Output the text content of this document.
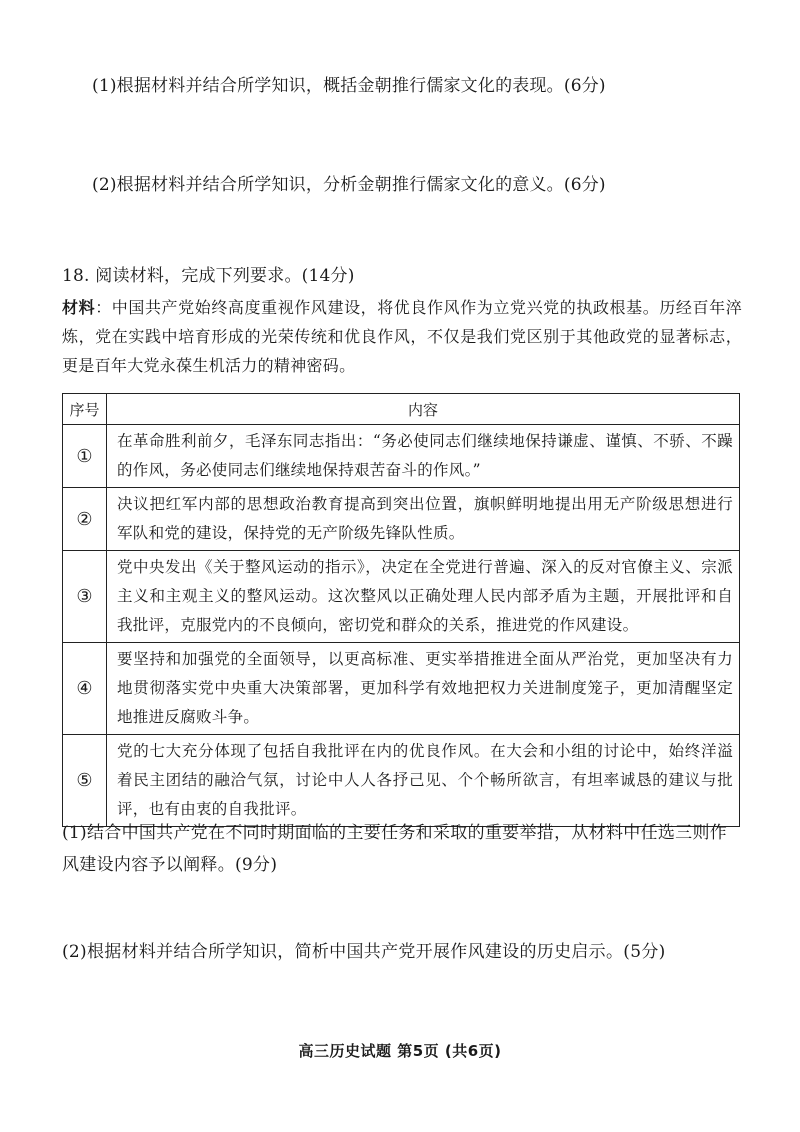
(1)根据材料并结合所学知识，概括金朝推行儒家文化的表现。(6分)
(2)根据材料并结合所学知识，分析金朝推行儒家文化的意义。(6分)
18. 阅读材料，完成下列要求。(14分)
材料：中国共产党始终高度重视作风建设，将优良作风作为立党兴党的执政根基。历经百年淬炼，党在实践中培育形成的光荣传统和优良作风，不仅是我们党区别于其他政党的显著标志，更是百年大党永葆生机活力的精神密码。
序号	内容
①	在革命胜利前夕，毛泽东同志指出：“务必使同志们继续地保持谦虚、谨慎、不骄、不躁的作风，务必使同志们继续地保持艰苦奋斗的作风。”
②	决议把红军内部的思想政治教育提高到突出位置，旗帜鲜明地提出用无产阶级思想进行军队和党的建设，保持党的无产阶级先锋队性质。
③	党中央发出《关于整风运动的指示》，决定在全党进行普遍、深入的反对官僚主义、宗派主义和主观主义的整风运动。这次整风以正确处理人民内部矛盾为主题，开展批评和自我批评，克服党内的不良倾向，密切党和群众的关系，推进党的作风建设。
④	要坚持和加强党的全面领导，以更高标准、更实举措推进全面从严治党，更加坚决有力地贯彻落实党中央重大决策部署，更加科学有效地把权力关进制度笼子，更加清醒坚定地推进反腐败斗争。
⑤	党的七大充分体现了包括自我批评在内的优良作风。在大会和小组的讨论中，始终洋溢着民主团结的融洽气氛，讨论中人人各抒己见、个个畅所欲言，有坦率诚恳的建议与批评，也有由衷的自我批评。
(1)结合中国共产党在不同时期面临的主要任务和采取的重要举措，从材料中任选三则作风建设内容予以阐释。(9分)
(2)根据材料并结合所学知识，简析中国共产党开展作风建设的历史启示。(5分)
高三历史试题 第5页 (共6页)
